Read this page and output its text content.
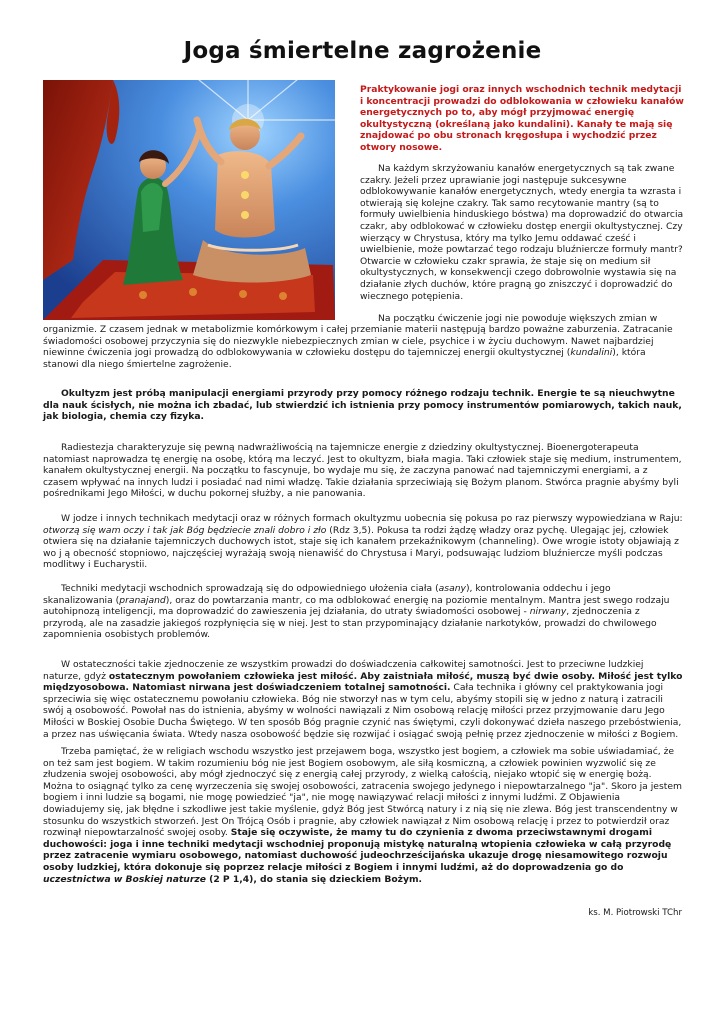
Joga śmiertelne zagrożenie

Praktykowanie jogi oraz innych wschodnich technik medytacji i koncentracji prowadzi do odblokowania w człowieku kanałów energetycznych po to, aby mógł przyjmować energię okultystyczną (określaną jako kundalini). Kanały te mają się znajdować po obu stronach kręgosłupa i wychodzić przez otwory nosowe.

Na każdym skrzyżowaniu kanałów energetycznych są tak zwane czakry. Jeżeli przez uprawianie jogi następuje sukcesywne odblokowywanie kanałów energetycznych, wtedy energia ta wzrasta i otwierają się kolejne czakry. Tak samo recytowanie mantry (są to formuły uwielbienia hinduskiego bóstwa) ma doprowadzić do otwarcia czakr, aby odblokować w człowieku dostęp energii okultystycznej. Czy wierzący w Chrystusa, który ma tylko Jemu oddawać cześć i uwielbienie, może powtarzać tego rodzaju bluźniercze formuły mantr? Otwarcie w człowieku czakr sprawia, że staje się on medium sił okultystycznych, w konsekwencji czego dobrowolnie wystawia się na działanie złych duchów, które pragną go zniszczyć i doprowadzić do wiecznego potępienia.

Na początku ćwiczenie jogi nie powoduje większych zmian w

organizmie. Z czasem jednak w metabolizmie komórkowym i całej przemianie materii następują bardzo poważne zaburzenia. Zatracanie świadomości osobowej przyczynia się do niezwykle niebezpiecznych zmian w ciele, psychice i w życiu duchowym. Nawet najbardziej niewinne ćwiczenia jogi prowadzą do odblokowywania w człowieku dostępu do tajemniczej energii okultystycznej (kundalini), która stanowi dla niego śmiertelne zagrożenie.

Okultyzm jest próbą manipulacji energiami przyrody przy pomocy różnego rodzaju technik. Energie te są nieuchwytne dla nauk ścisłych, nie można ich zbadać, lub stwierdzić ich istnienia przy pomocy instrumentów pomiarowych, takich nauk, jak biologia, chemia czy fizyka.

Radiestezja charakteryzuje się pewną nadwrażliwością na tajemnicze energie z dziedziny okultystycznej. Bioenergoterapeuta natomiast naprowadza tę energię na osobę, którą ma leczyć. Jest to okultyzm, biała magia. Taki człowiek staje się medium, instrumentem, kanałem okultystycznej energii. Na początku to fascynuje, bo wydaje mu się, że zaczyna panować nad tajemniczymi energiami, a z czasem wpływać na innych ludzi i posiadać nad nimi władzę. Takie działania sprzeciwiają się Bożym planom. Stwórca pragnie abyśmy byli pośrednikami Jego Miłości, w duchu pokornej służby, a nie panowania.

W jodze i innych technikach medytacji oraz w różnych formach okultyzmu uobecnia się pokusa po raz pierwszy wypowiedziana w Raju: otworzą się wam oczy i tak jak Bóg będziecie znali dobro i zło (Rdz 3,5). Pokusa ta rodzi żądzę władzy oraz pychę. Ulegając jej, człowiek otwiera się na działanie tajemniczych duchowych istot, staje się ich kanałem przekaźnikowym (channeling). Owe wrogie istoty objawiają z wo j ą obecność stopniowo, najczęściej wyrażają swoją nienawiść do Chrystusa i Maryi, podsuwając ludziom bluźniercze myśli podczas modlitwy i Eucharystii.

Techniki medytacji wschodnich sprowadzają się do odpowiedniego ułożenia ciała (asany), kontrolowania oddechu i jego skanalizowania (pranajand), oraz do powtarzania mantr, co ma odblokować energię na poziomie mentalnym. Mantra jest swego rodzaju autohipnozą inteligencji, ma doprowadzić do zawieszenia jej działania, do utraty świadomości osobowej - nirwany, zjednoczenia z przyrodą, ale na zasadzie jakiegoś rozpłynięcia się w niej. Jest to stan przypominający działanie narkotyków, prowadzi do chwilowego zapomnienia osobistych problemów.

W ostateczności takie zjednoczenie ze wszystkim prowadzi do doświadczenia całkowitej samotności. Jest to przeciwne ludzkiej naturze, gdyż ostatecznym powołaniem człowieka jest miłość. Aby zaistniała miłość, muszą być dwie osoby. Miłość jest tylko międzyosobowa. Natomiast nirwana jest doświadczeniem totalnej samotności. Cała technika i główny cel praktykowania jogi sprzeciwia się więc ostatecznemu powołaniu człowieka. Bóg nie stworzył nas w tym celu, abyśmy stopili się w jedno z naturą i zatracili swój ą osobowość. Powołał nas do istnienia, abyśmy w wolności nawiązali z Nim osobową relację miłości przez przyjmowanie daru Jego Miłości w Boskiej Osobie Ducha Świętego. W ten sposób Bóg pragnie czynić nas świętymi, czyli dokonywać dzieła naszego przebóstwienia, a przez nas uświęcania świata. Wtedy nasza osobowość będzie się rozwijać i osiągać swoją pełnię przez zjednoczenie w miłości z Bogiem.

Trzeba pamiętać, że w religiach wschodu wszystko jest przejawem boga, wszystko jest bogiem, a człowiek ma sobie uświadamiać, że on też sam jest bogiem. W takim rozumieniu bóg nie jest Bogiem osobowym, ale siłą kosmiczną, a człowiek powinien wyzwolić się ze złudzenia swojej osobowości, aby mógł zjednoczyć się z energią całej przyrody, z wielką całością, niejako wtopić się w energię bożą. Można to osiągnąć tylko za cenę wyrzeczenia się swojej osobowości, zatracenia swojego jedynego i niepowtarzalnego "ja". Skoro ja jestem bogiem i inni ludzie są bogami, nie mogę powiedzieć "ja", nie mogę nawiązywać relacji miłości z innymi ludźmi. Z Objawienia dowiadujemy się, jak błędne i szkodliwe jest takie myślenie, gdyż Bóg jest Stwórcą natury i z nią się nie zlewa. Bóg jest transcendentny w stosunku do wszystkich stworzeń. Jest On Trójcą Osób i pragnie, aby człowiek nawiązał z Nim osobową relację i przez to potwierdził oraz rozwinął niepowtarzalność swojej osoby. Staje się oczywiste, że mamy tu do czynienia z dwoma przeciwstawnymi drogami duchowości: joga i inne techniki medytacji wschodniej proponują mistykę naturalną wtopienia człowieka w całą przyrodę przez zatracenie wymiaru osobowego, natomiast duchowość judeochrześcijańska ukazuje drogę niesamowitego rozwoju osoby ludzkiej, która dokonuje się poprzez relacje miłości z Bogiem i innymi ludźmi, aż do doprowadzenia go do uczestnictwa w Boskiej naturze (2 P 1,4), do stania się dzieckiem Bożym.

ks. M. Piotrowski TChr
